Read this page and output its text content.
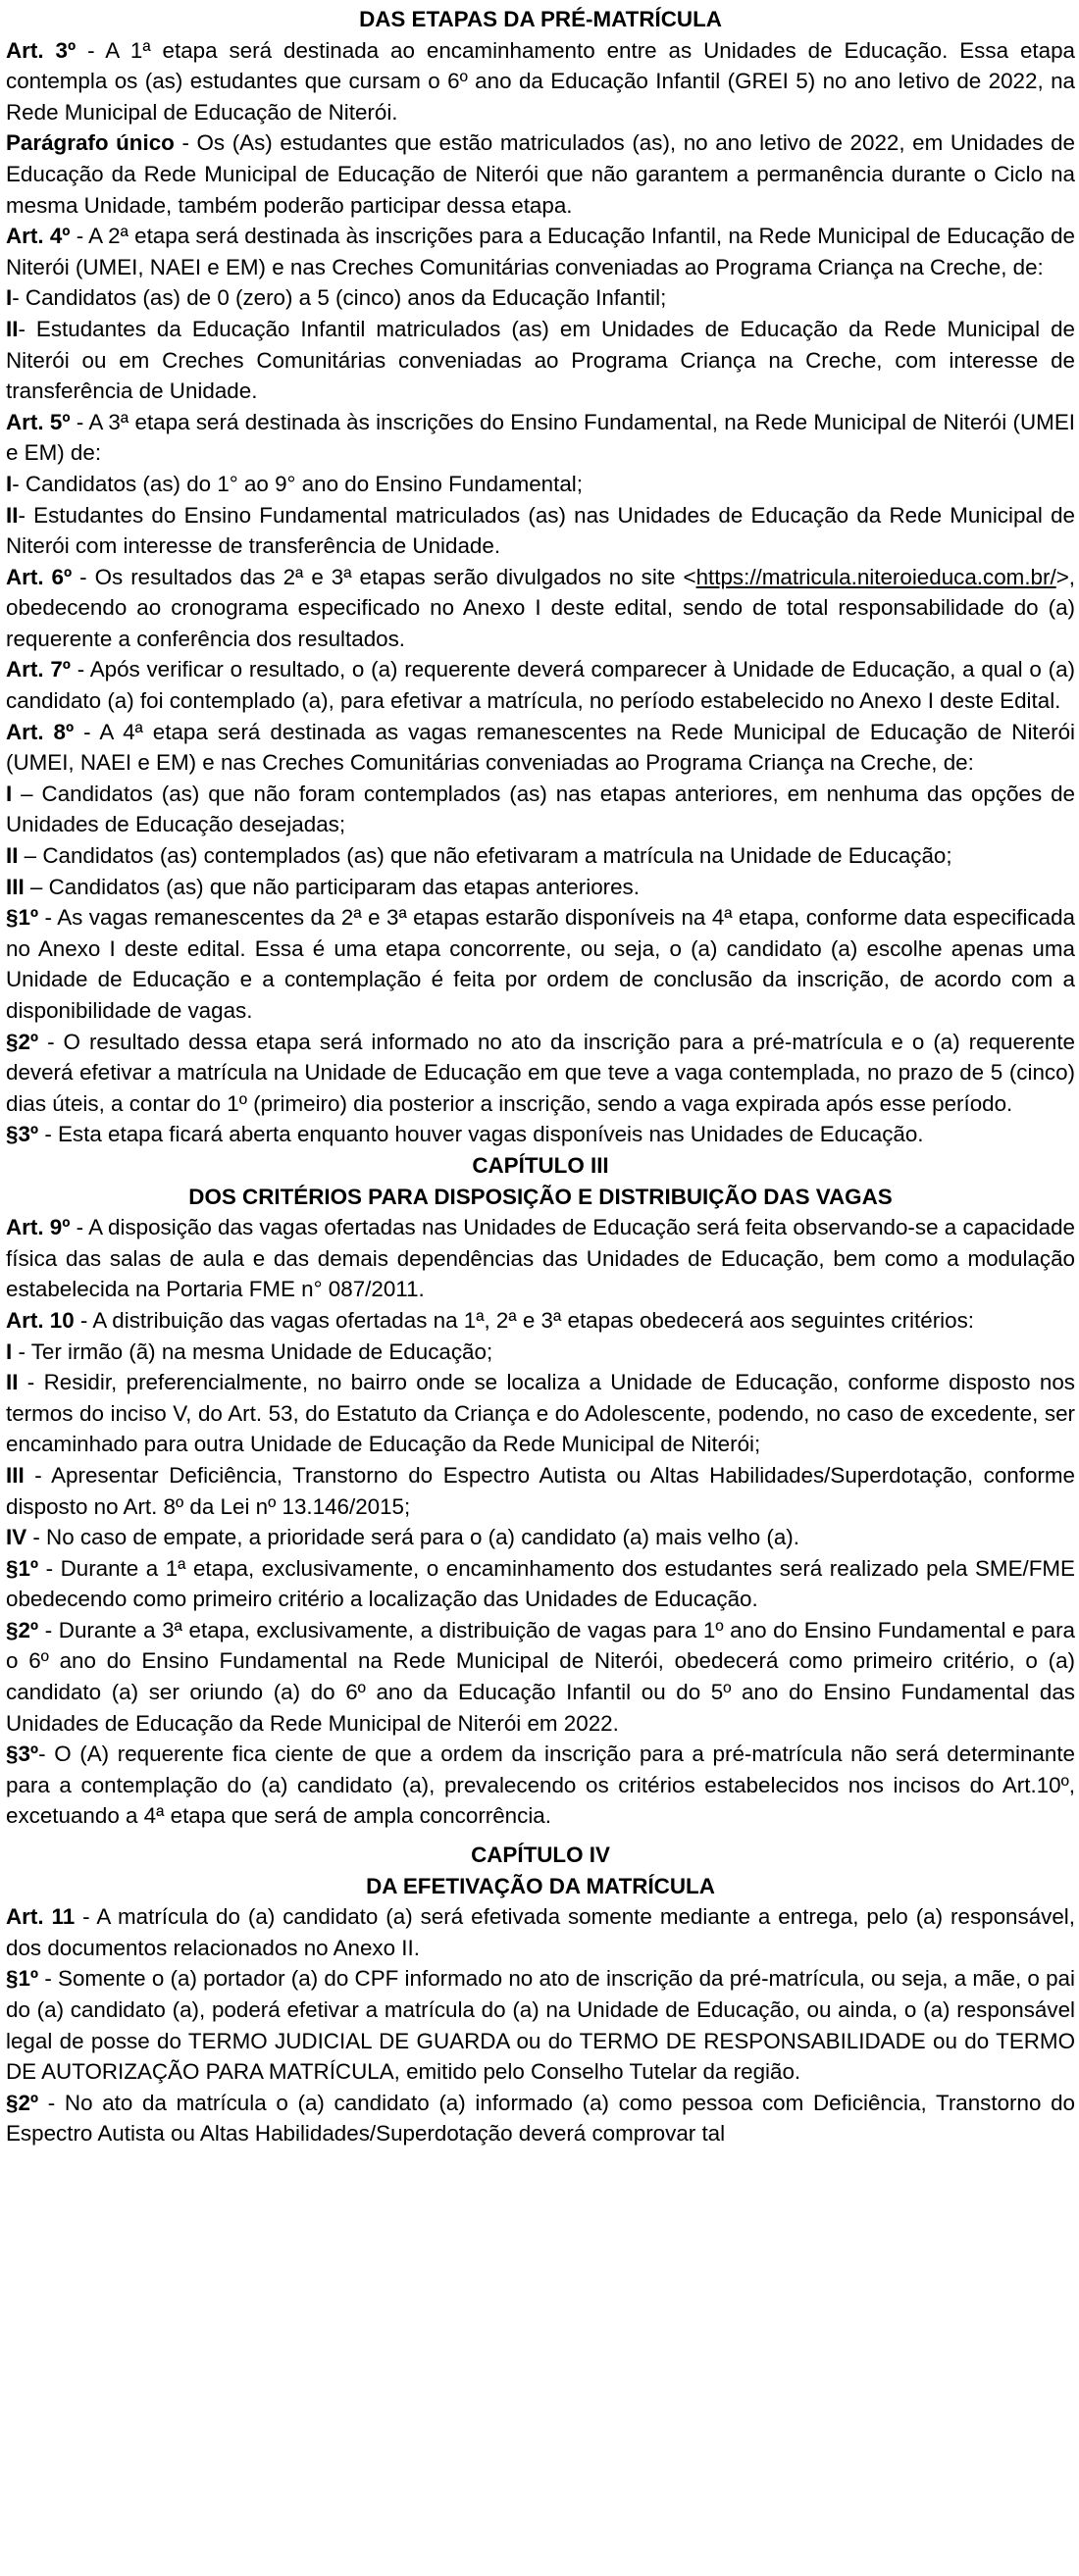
DAS ETAPAS DA PRÉ-MATRÍCULA

Art. 3º - A 1ª etapa será destinada ao encaminhamento entre as Unidades de Educação. Essa etapa contempla os (as) estudantes que cursam o 6º ano da Educação Infantil (GREI 5) no ano letivo de 2022, na Rede Municipal de Educação de Niterói.

Parágrafo único - Os (As) estudantes que estão matriculados (as), no ano letivo de 2022, em Unidades de Educação da Rede Municipal de Educação de Niterói que não garantem a permanência durante o Ciclo na mesma Unidade, também poderão participar dessa etapa.

Art. 4º - A 2ª etapa será destinada às inscrições para a Educação Infantil, na Rede Municipal de Educação de Niterói (UMEI, NAEI e EM) e nas Creches Comunitárias conveniadas ao Programa Criança na Creche, de:

I- Candidatos (as) de 0 (zero) a 5 (cinco) anos da Educação Infantil;

II- Estudantes da Educação Infantil matriculados (as) em Unidades de Educação da Rede Municipal de Niterói ou em Creches Comunitárias conveniadas ao Programa Criança na Creche, com interesse de transferência de Unidade.

Art. 5º - A 3ª etapa será destinada às inscrições do Ensino Fundamental, na Rede Municipal de Niterói (UMEI e EM) de:

I- Candidatos (as) do 1° ao 9° ano do Ensino Fundamental;

II- Estudantes do Ensino Fundamental matriculados (as) nas Unidades de Educação da Rede Municipal de Niterói com interesse de transferência de Unidade.

Art. 6º - Os resultados das 2ª e 3ª etapas serão divulgados no site <https://matricula.niteroieduca.com.br/>, obedecendo ao cronograma especificado no Anexo I deste edital, sendo de total responsabilidade do (a) requerente a conferência dos resultados.

Art. 7º - Após verificar o resultado, o (a) requerente deverá comparecer à Unidade de Educação, a qual o (a) candidato (a) foi contemplado (a), para efetivar a matrícula, no período estabelecido no Anexo I deste Edital.

Art. 8º - A 4ª etapa será destinada as vagas remanescentes na Rede Municipal de Educação de Niterói (UMEI, NAEI e EM) e nas Creches Comunitárias conveniadas ao Programa Criança na Creche, de:

I – Candidatos (as) que não foram contemplados (as) nas etapas anteriores, em nenhuma das opções de Unidades de Educação desejadas;

II – Candidatos (as) contemplados (as) que não efetivaram a matrícula na Unidade de Educação;

III – Candidatos (as) que não participaram das etapas anteriores.

§1º - As vagas remanescentes da 2ª e 3ª etapas estarão disponíveis na 4ª etapa, conforme data especificada no Anexo I deste edital. Essa é uma etapa concorrente, ou seja, o (a) candidato (a) escolhe apenas uma Unidade de Educação e a contemplação é feita por ordem de conclusão da inscrição, de acordo com a disponibilidade de vagas.

§2º - O resultado dessa etapa será informado no ato da inscrição para a pré-matrícula e o (a) requerente deverá efetivar a matrícula na Unidade de Educação em que teve a vaga contemplada, no prazo de 5 (cinco) dias úteis, a contar do 1º (primeiro) dia posterior a inscrição, sendo a vaga expirada após esse período.

§3º - Esta etapa ficará aberta enquanto houver vagas disponíveis nas Unidades de Educação.

CAPÍTULO III
DOS CRITÉRIOS PARA DISPOSIÇÃO E DISTRIBUIÇÃO DAS VAGAS

Art. 9º - A disposição das vagas ofertadas nas Unidades de Educação será feita observando-se a capacidade física das salas de aula e das demais dependências das Unidades de Educação, bem como a modulação estabelecida na Portaria FME n° 087/2011.

Art. 10 - A distribuição das vagas ofertadas na 1ª, 2ª e 3ª etapas obedecerá aos seguintes critérios:

I - Ter irmão (ã) na mesma Unidade de Educação;

II - Residir, preferencialmente, no bairro onde se localiza a Unidade de Educação, conforme disposto nos termos do inciso V, do Art. 53, do Estatuto da Criança e do Adolescente, podendo, no caso de excedente, ser encaminhado para outra Unidade de Educação da Rede Municipal de Niterói;

III - Apresentar Deficiência, Transtorno do Espectro Autista ou Altas Habilidades/Superdotação, conforme disposto no Art. 8º da Lei nº 13.146/2015;

IV - No caso de empate, a prioridade será para o (a) candidato (a) mais velho (a).

§1º - Durante a 1ª etapa, exclusivamente, o encaminhamento dos estudantes será realizado pela SME/FME obedecendo como primeiro critério a localização das Unidades de Educação.

§2º - Durante a 3ª etapa, exclusivamente, a distribuição de vagas para 1º ano do Ensino Fundamental e para o 6º ano do Ensino Fundamental na Rede Municipal de Niterói, obedecerá como primeiro critério, o (a) candidato (a) ser oriundo (a) do 6º ano da Educação Infantil ou do 5º ano do Ensino Fundamental das Unidades de Educação da Rede Municipal de Niterói em 2022.

§3º- O (A) requerente fica ciente de que a ordem da inscrição para a pré-matrícula não será determinante para a contemplação do (a) candidato (a), prevalecendo os critérios estabelecidos nos incisos do Art.10º, excetuando a 4ª etapa que será de ampla concorrência.

CAPÍTULO IV
DA EFETIVAÇÃO DA MATRÍCULA

Art. 11 - A matrícula do (a) candidato (a) será efetivada somente mediante a entrega, pelo (a) responsável, dos documentos relacionados no Anexo II.

§1º - Somente o (a) portador (a) do CPF informado no ato de inscrição da pré-matrícula, ou seja, a mãe, o pai do (a) candidato (a), poderá efetivar a matrícula do (a) na Unidade de Educação, ou ainda, o (a) responsável legal de posse do TERMO JUDICIAL DE GUARDA ou do TERMO DE RESPONSABILIDADE ou do TERMO DE AUTORIZAÇÃO PARA MATRÍCULA, emitido pelo Conselho Tutelar da região.

§2º - No ato da matrícula o (a) candidato (a) informado (a) como pessoa com Deficiência, Transtorno do Espectro Autista ou Altas Habilidades/Superdotação deverá comprovar tal
